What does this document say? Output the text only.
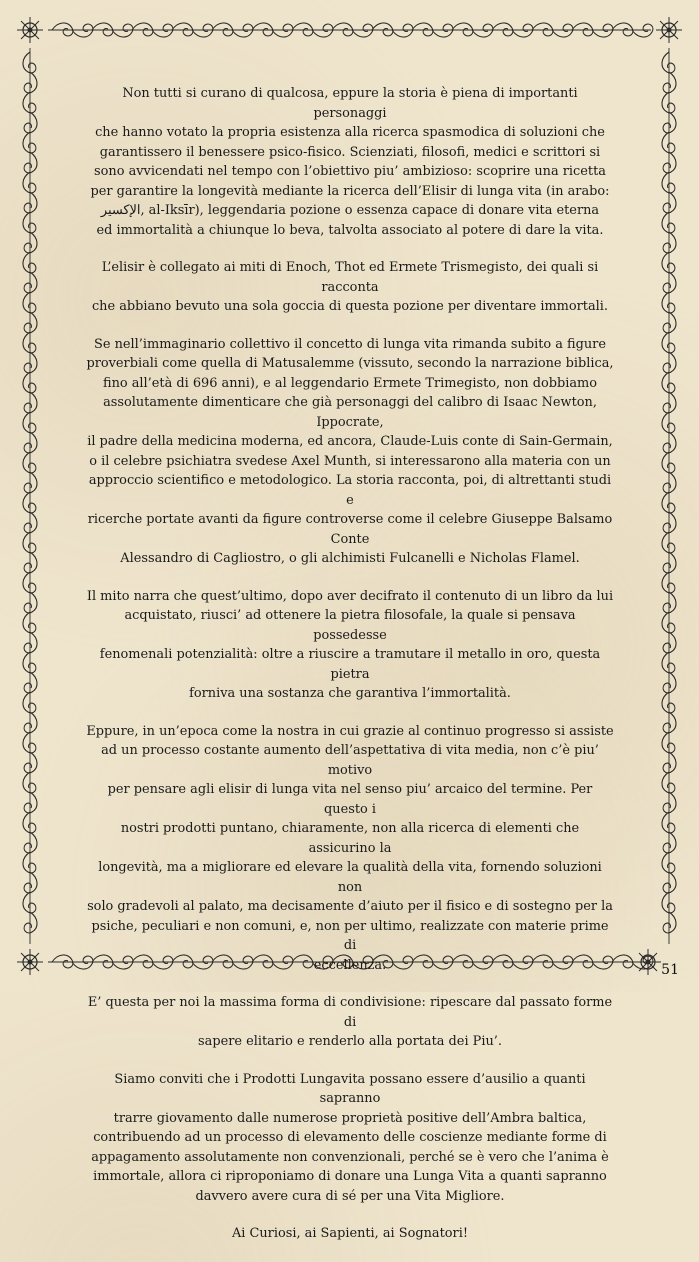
Non tutti si curano di qualcosa, eppure la storia è piena di importanti personaggi
che hanno votato la propria esistenza alla ricerca spasmodica di soluzioni che
garantissero il benessere psico-fisico. Scienziati, filosofi, medici e scrittori si
sono avvicendati nel tempo con l’obiettivo piu’ ambizioso: scoprire una ricetta
per garantire la longevità mediante la ricerca dell’Elisir di lunga vita (in arabo:
الإكسير, al-Iksīr), leggendaria pozione o essenza capace di donare vita eterna
ed immortalità a chiunque lo beva, talvolta associato al potere di dare la vita.

L’elisir è collegato ai miti di Enoch, Thot ed Ermete Trismegisto, dei quali si racconta
che abbiano bevuto una sola goccia di questa pozione per diventare immortali.

Se nell’immaginario collettivo il concetto di lunga vita rimanda subito a figure
proverbiali come quella di Matusalemme (vissuto, secondo la narrazione biblica,
fino all’età di 696 anni), e al leggendario Ermete Trimegisto, non dobbiamo
assolutamente dimenticare che già personaggi del calibro di Isaac Newton, Ippocrate,
il padre della medicina moderna, ed ancora, Claude-Luis conte di Sain-Germain,
o il celebre psichiatra svedese Axel Munth, si interessarono alla materia con un
approccio scientifico e metodologico. La storia racconta, poi, di altrettanti studi e
ricerche portate avanti da figure controverse come il celebre Giuseppe Balsamo Conte
Alessandro di Cagliostro, o gli alchimisti Fulcanelli e Nicholas Flamel.

Il mito narra che quest’ultimo, dopo aver decifrato il contenuto di un libro da lui
acquistato, riusci’ ad ottenere la pietra filosofale, la quale si pensava possedesse
fenomenali potenzialità: oltre a riuscire a tramutare il metallo in oro, questa pietra
forniva una sostanza che garantiva l’immortalità.

Eppure, in un’epoca come la nostra in cui grazie al continuo progresso si assiste
ad un processo costante aumento dell’aspettativa di vita media, non c’è piu’ motivo
per pensare agli elisir di lunga vita nel senso piu’ arcaico del termine. Per questo i
nostri prodotti puntano, chiaramente, non alla ricerca di elementi che assicurino la
longevità, ma a migliorare ed elevare la qualità della vita, fornendo soluzioni non
solo gradevoli al palato, ma decisamente d’aiuto per il fisico e di sostegno per la
psiche, peculiari e non comuni, e, non per ultimo, realizzate con materie prime di
eccellenza.

E’ questa per noi la massima forma di condivisione: ripescare dal passato forme di
sapere elitario e renderlo alla portata dei Piu’.

Siamo conviti che i Prodotti Lungavita possano essere d’ausilio a quanti sapranno
trarre giovamento dalle numerose proprietà positive dell’Ambra baltica,
contribuendo ad un processo di elevamento delle coscienze mediante forme di
appagamento assolutamente non convenzionali, perché se è vero che l’anima è
immortale, allora ci riproponiamo di donare una Lunga Vita a quanti sapranno
davvero avere cura di sé per una Vita Migliore.

Ai Curiosi, ai Sapienti, ai Sognatori!

51
